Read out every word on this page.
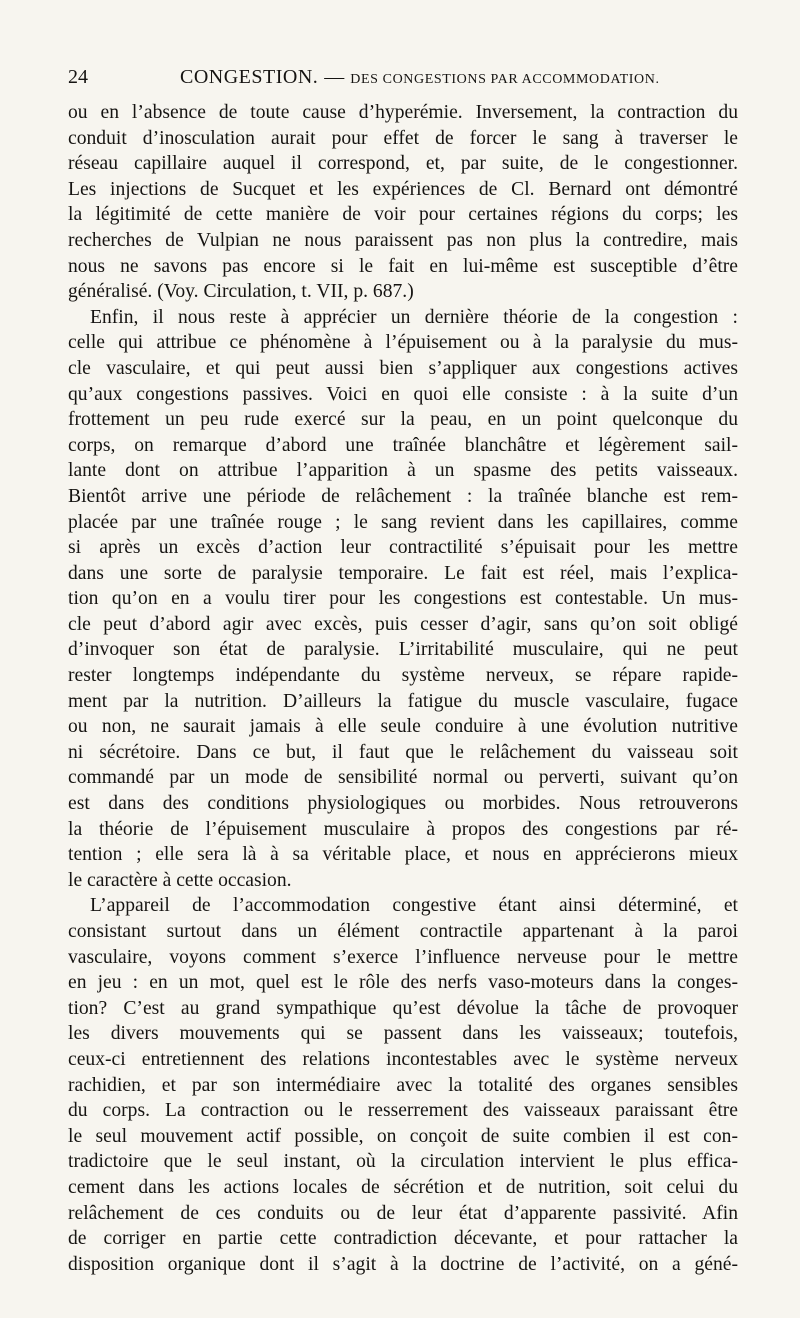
24	CONGESTION. — DES CONGESTIONS PAR ACCOMMODATION.
ou en l’absence de toute cause d’hyperémie. Inversement, la contraction du
conduit d’inosculation aurait pour effet de forcer le sang à traverser le
réseau capillaire auquel il correspond, et, par suite, de le congestionner.
Les injections de Sucquet et les expériences de Cl. Bernard ont démontré
la légitimité de cette manière de voir pour certaines régions du corps; les
recherches de Vulpian ne nous paraissent pas non plus la contredire, mais
nous ne savons pas encore si le fait en lui-même est susceptible d’être
généralisé. (Voy. Circulation, t. VII, p. 687.)
Enfin, il nous reste à apprécier un dernière théorie de la congestion :
celle qui attribue ce phénomène à l’épuisement ou à la paralysie du mus-
cle vasculaire, et qui peut aussi bien s’appliquer aux congestions actives
qu’aux congestions passives. Voici en quoi elle consiste : à la suite d’un
frottement un peu rude exercé sur la peau, en un point quelconque du
corps, on remarque d’abord une traînée blanchâtre et légèrement sail-
lante dont on attribue l’apparition à un spasme des petits vaisseaux.
Bientôt arrive une période de relâchement : la traînée blanche est rem-
placée par une traînée rouge ; le sang revient dans les capillaires, comme
si après un excès d’action leur contractilité s’épuisait pour les mettre
dans une sorte de paralysie temporaire. Le fait est réel, mais l’explica-
tion qu’on en a voulu tirer pour les congestions est contestable. Un mus-
cle peut d’abord agir avec excès, puis cesser d’agir, sans qu’on soit obligé
d’invoquer son état de paralysie. L’irritabilité musculaire, qui ne peut
rester longtemps indépendante du système nerveux, se répare rapide-
ment par la nutrition. D’ailleurs la fatigue du muscle vasculaire, fugace
ou non, ne saurait jamais à elle seule conduire à une évolution nutritive
ni sécrétoire. Dans ce but, il faut que le relâchement du vaisseau soit
commandé par un mode de sensibilité normal ou perverti, suivant qu’on
est dans des conditions physiologiques ou morbides. Nous retrouverons
la théorie de l’épuisement musculaire à propos des congestions par ré-
tention ; elle sera là à sa véritable place, et nous en apprécierons mieux
le caractère à cette occasion.
L’appareil de l’accommodation congestive étant ainsi déterminé, et
consistant surtout dans un élément contractile appartenant à la paroi
vasculaire, voyons comment s’exerce l’influence nerveuse pour le mettre
en jeu : en un mot, quel est le rôle des nerfs vaso-moteurs dans la conges-
tion? C’est au grand sympathique qu’est dévolue la tâche de provoquer
les divers mouvements qui se passent dans les vaisseaux; toutefois,
ceux-ci entretiennent des relations incontestables avec le système nerveux
rachidien, et par son intermédiaire avec la totalité des organes sensibles
du corps. La contraction ou le resserrement des vaisseaux paraissant être
le seul mouvement actif possible, on conçoit de suite combien il est con-
tradictoire que le seul instant, où la circulation intervient le plus effica-
cement dans les actions locales de sécrétion et de nutrition, soit celui du
relâchement de ces conduits ou de leur état d’apparente passivité. Afin
de corriger en partie cette contradiction décevante, et pour rattacher la
disposition organique dont il s’agit à la doctrine de l’activité, on a géné-
